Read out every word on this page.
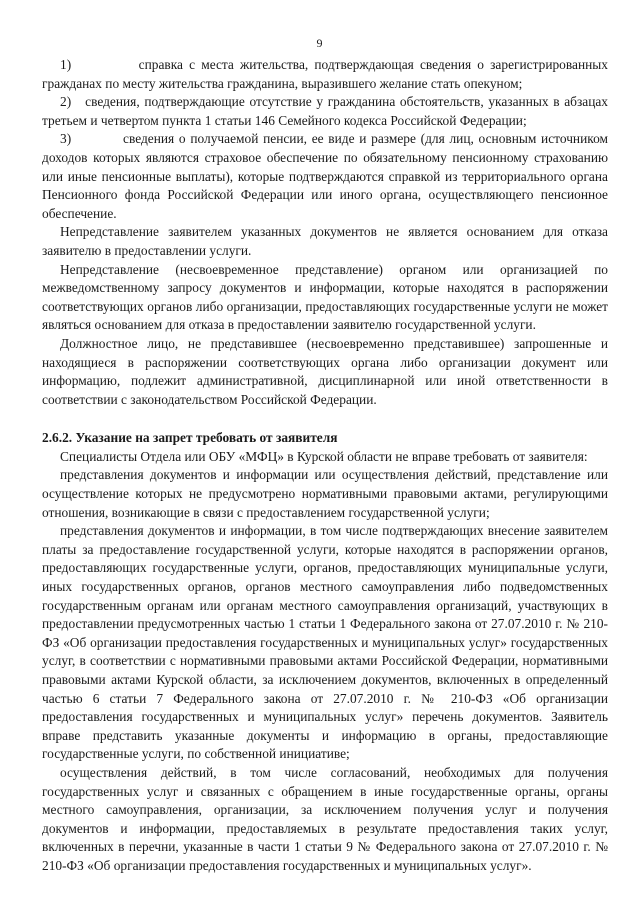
9

1)           справка с места жительства, подтверждающая сведения о зарегистрированных гражданах по месту жительства гражданина, выразившего желание стать опекуном;

2)   сведения, подтверждающие отсутствие у гражданина обстоятельств, указанных в абзацах третьем и четвертом пункта 1 статьи 146 Семейного кодекса Российской Федерации;

3)           сведения о получаемой пенсии, ее виде и размере (для лиц, основным источником доходов которых являются страховое обеспечение по обязательному пенсионному страхованию или иные пенсионные выплаты), которые подтверждаются справкой из территориального органа Пенсионного фонда Российской Федерации или иного органа, осуществляющего пенсионное обеспечение.

Непредставление заявителем указанных документов не является основанием для отказа заявителю в предоставлении услуги.

Непредставление (несвоевременное представление) органом или организацией по межведомственному запросу документов и информации, которые находятся в распоряжении соответствующих органов либо организации, предоставляющих государственные услуги не может являться основанием для отказа в предоставлении заявителю государственной услуги.

Должностное лицо, не представившее (несвоевременно представившее) запрошенные и находящиеся в распоряжении соответствующих органа либо организации документ или информацию, подлежит административной, дисциплинарной или иной ответственности в соответствии с законодательством Российской Федерации.

2.6.2. Указание на запрет требовать от заявителя

Специалисты Отдела или ОБУ «МФЦ» в Курской области не вправе требовать от заявителя:

представления документов и информации или осуществления действий, представление или осуществление которых не предусмотрено нормативными правовыми актами, регулирующими отношения, возникающие в связи с предоставлением государственной услуги;

представления документов и информации, в том числе подтверждающих внесение заявителем платы за предоставление государственной услуги, которые находятся в распоряжении органов, предоставляющих государственные услуги, органов, предоставляющих муниципальные услуги, иных государственных органов, органов местного самоуправления либо подведомственных государственным органам или органам местного самоуправления организаций, участвующих в предоставлении предусмотренных частью 1 статьи 1 Федерального закона от 27.07.2010 г. № 210-ФЗ «Об организации предоставления государственных и муниципальных услуг» государственных услуг, в соответствии с нормативными правовыми актами Российской Федерации, нормативными правовыми актами Курской области, за исключением документов, включенных в определенный частью 6 статьи 7 Федерального закона от 27.07.2010 г. № 210-ФЗ «Об организации предоставления государственных и муниципальных услуг» перечень документов. Заявитель вправе представить указанные документы и информацию в органы, предоставляющие государственные услуги, по собственной инициативе;

осуществления действий, в том числе согласований, необходимых для получения государственных услуг и связанных с обращением в иные государственные органы, органы местного самоуправления, организации, за исключением получения услуг и получения документов и информации, предоставляемых в результате предоставления таких услуг, включенных в перечни, указанные в части 1 статьи 9 № Федерального закона от 27.07.2010 г. № 210-ФЗ «Об организации предоставления государственных и муниципальных услуг».
